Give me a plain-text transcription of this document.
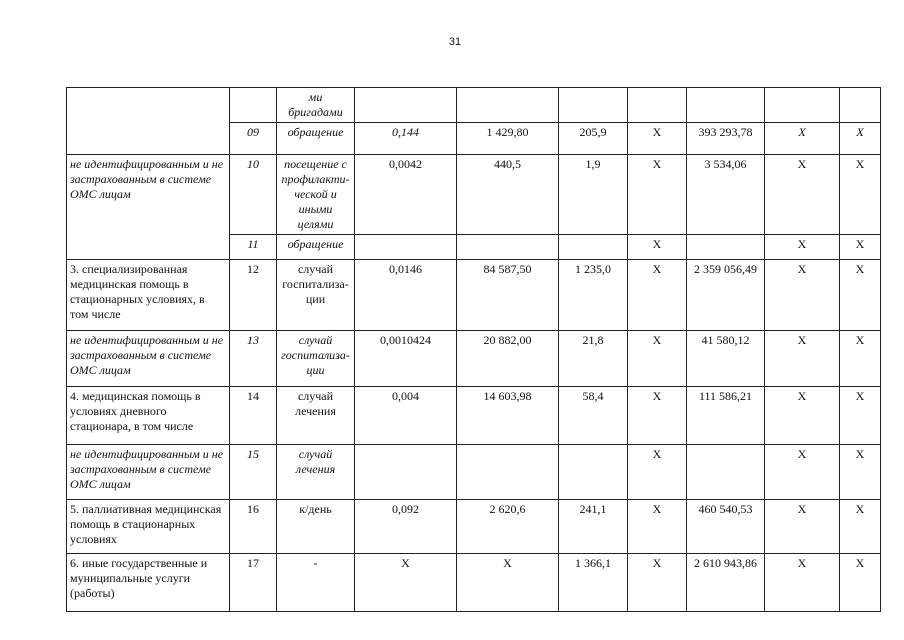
31
		ми бригадами							
	09	обращение	0,144	1 429,80	205,9	X	393 293,78	X	X
не идентифицированным и не застрахованным в системе ОМС лицам	10	посещение с профилакти-ческой и иными целями	0,0042	440,5	1,9	X	3 534,06	X	X
	11	обращение				X		X	X
3. специализированная медицинская помощь в стационарных условиях, в том числе	12	случай госпитализа-ции	0,0146	84 587,50	1 235,0	X	2 359 056,49	X	X
не идентифицированным и не застрахованным в системе ОМС лицам	13	случай госпитализа-ции	0,0010424	20 882,00	21,8	X	41 580,12	X	X
4. медицинская помощь в условиях дневного стационара, в том числе	14	случай лечения	0,004	14 603,98	58,4	X	111 586,21	X	X
не идентифицированным и не застрахованным в системе ОМС лицам	15	случай лечения				X		X	X
5. паллиативная медицинская помощь в стационарных условиях	16	к/день	0,092	2 620,6	241,1	X	460 540,53	X	X
6. иные государственные и муниципальные услуги (работы)	17	-	X	X	1 366,1	X	2 610 943,86	X	X
